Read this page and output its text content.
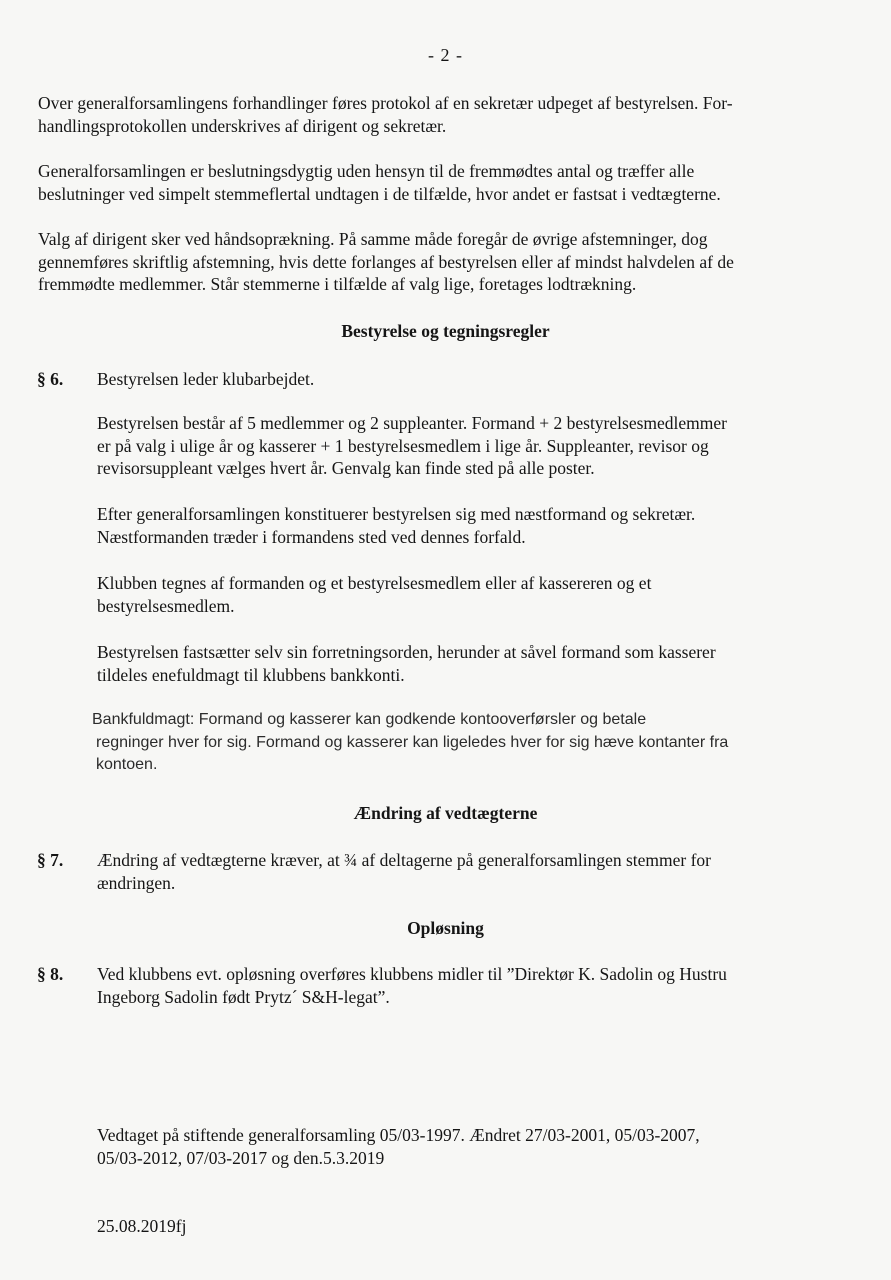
- 2 -

Over generalforsamlingens forhandlinger føres protokol af en sekretær udpeget af bestyrelsen. For-
handlingsprotokollen underskrives af dirigent og sekretær.

Generalforsamlingen er beslutningsdygtig uden hensyn til de fremmødtes antal og træffer alle
beslutninger ved simpelt stemmeflertal undtagen i de tilfælde, hvor andet er fastsat i vedtægterne.

Valg af dirigent sker ved håndsoprækning. På samme måde foregår de øvrige afstemninger, dog
gennemføres skriftlig afstemning, hvis dette forlanges af bestyrelsen eller af mindst halvdelen af de
fremmødte medlemmer. Står stemmerne i tilfælde af valg lige, foretages lodtrækning.

Bestyrelse og tegningsregler
§ 6. Bestyrelsen leder klubarbejdet.

Bestyrelsen består af 5 medlemmer og 2 suppleanter. Formand + 2 bestyrelsesmedlemmer
er på valg i ulige år og kasserer + 1 bestyrelsesmedlem i lige år. Suppleanter, revisor og
revisorsuppleant vælges hvert år. Genvalg kan finde sted på alle poster.

Efter generalforsamlingen konstituerer bestyrelsen sig med næstformand og sekretær.
Næstformanden træder i formandens sted ved dennes forfald.

Klubben tegnes af formanden og et bestyrelsesmedlem eller af kassereren og et
bestyrelsesmedlem.

Bestyrelsen fastsætter selv sin forretningsorden, herunder at såvel formand som kasserer
tildeles enefuldmagt til klubbens bankkonti.

Bankfuldmagt: Formand og kasserer kan godkende kontooverførsler og betale
regninger hver for sig. Formand og kasserer kan ligeledes hver for sig hæve kontanter fra
kontoen.

Ændring af vedtægterne
§ 7. Ændring af vedtægterne kræver, at ¾ af deltagerne på generalforsamlingen stemmer for
ændringen.

Opløsning
§ 8. Ved klubbens evt. opløsning overføres klubbens midler til ”Direktør K. Sadolin og Hustru
Ingeborg Sadolin født Prytz´ S&H-legat”.

Vedtaget på stiftende generalforsamling 05/03-1997. Ændret 27/03-2001, 05/03-2007,
05/03-2012, 07/03-2017 og den.5.3.2019

25.08.2019fj
